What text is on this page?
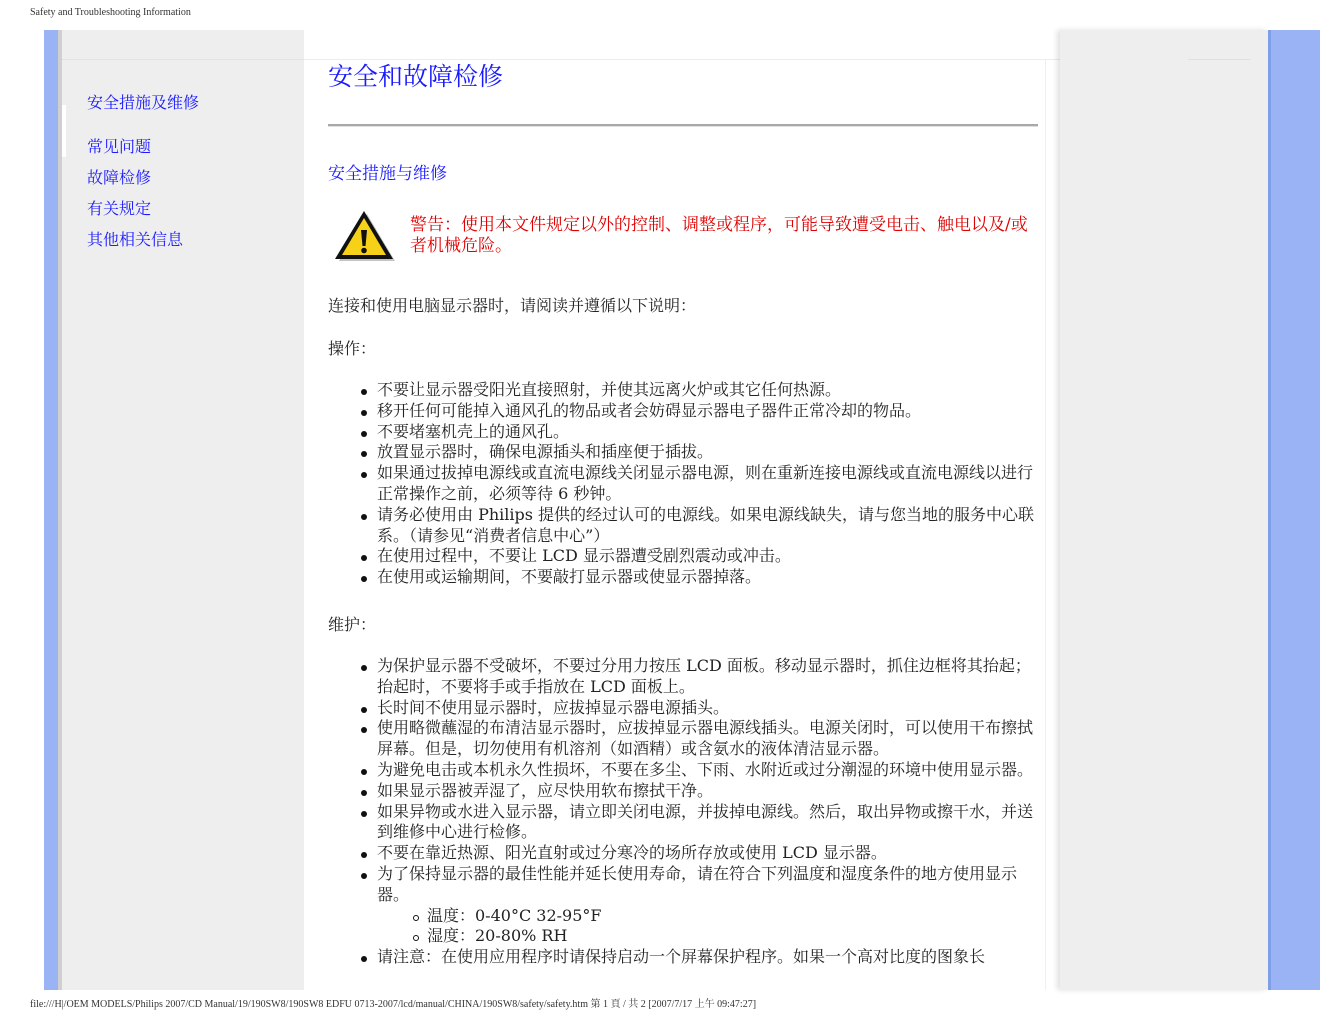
Safety and Troubleshooting Information
安全措施及维修
常见问题
故障检修
有关规定
其他相关信息
安全和故障检修
安全措施与维修
警告：使用本文件规定以外的控制、调整或程序，可能导致遭受电击、触电以及/或者机械危险。
连接和使用电脑显示器时，请阅读并遵循以下说明：
操作：
不要让显示器受阳光直接照射，并使其远离火炉或其它任何热源。
移开任何可能掉入通风孔的物品或者会妨碍显示器电子器件正常冷却的物品。
不要堵塞机壳上的通风孔。
放置显示器时，确保电源插头和插座便于插拔。
如果通过拔掉电源线或直流电源线关闭显示器电源，则在重新连接电源线或直流电源线以进行正常操作之前，必须等待 6 秒钟。
请务必使用由 Philips 提供的经过认可的电源线。如果电源线缺失，请与您当地的服务中心联系。（请参见“消费者信息中心”）
在使用过程中，不要让 LCD 显示器遭受剧烈震动或冲击。
在使用或运输期间，不要敲打显示器或使显示器掉落。
维护：
为保护显示器不受破坏，不要过分用力按压 LCD 面板。移动显示器时，抓住边框将其抬起；抬起时，不要将手或手指放在 LCD 面板上。
长时间不使用显示器时，应拔掉显示器电源插头。
使用略微蘸湿的布清洁显示器时，应拔掉显示器电源线插头。电源关闭时，可以使用干布擦拭屏幕。但是，切勿使用有机溶剂（如酒精）或含氨水的液体清洁显示器。
为避免电击或本机永久性损坏，不要在多尘、下雨、水附近或过分潮湿的环境中使用显示器。
如果显示器被弄湿了，应尽快用软布擦拭干净。
如果异物或水进入显示器，请立即关闭电源，并拔掉电源线。然后，取出异物或擦干水，并送到维修中心进行检修。
不要在靠近热源、阳光直射或过分寒冷的场所存放或使用 LCD 显示器。
为了保持显示器的最佳性能并延长使用寿命，请在符合下列温度和湿度条件的地方使用显示器。
温度：0-40°C 32-95°F
湿度：20-80% RH
请注意：在使用应用程序时请保持启动一个屏幕保护程序。如果一个高对比度的图象长
file:///H|/OEM MODELS/Philips 2007/CD Manual/19/190SW8/190SW8 EDFU 0713-2007/lcd/manual/CHINA/190SW8/safety/safety.htm 第 1 頁 / 共 2 [2007/7/17 上午 09:47:27]
